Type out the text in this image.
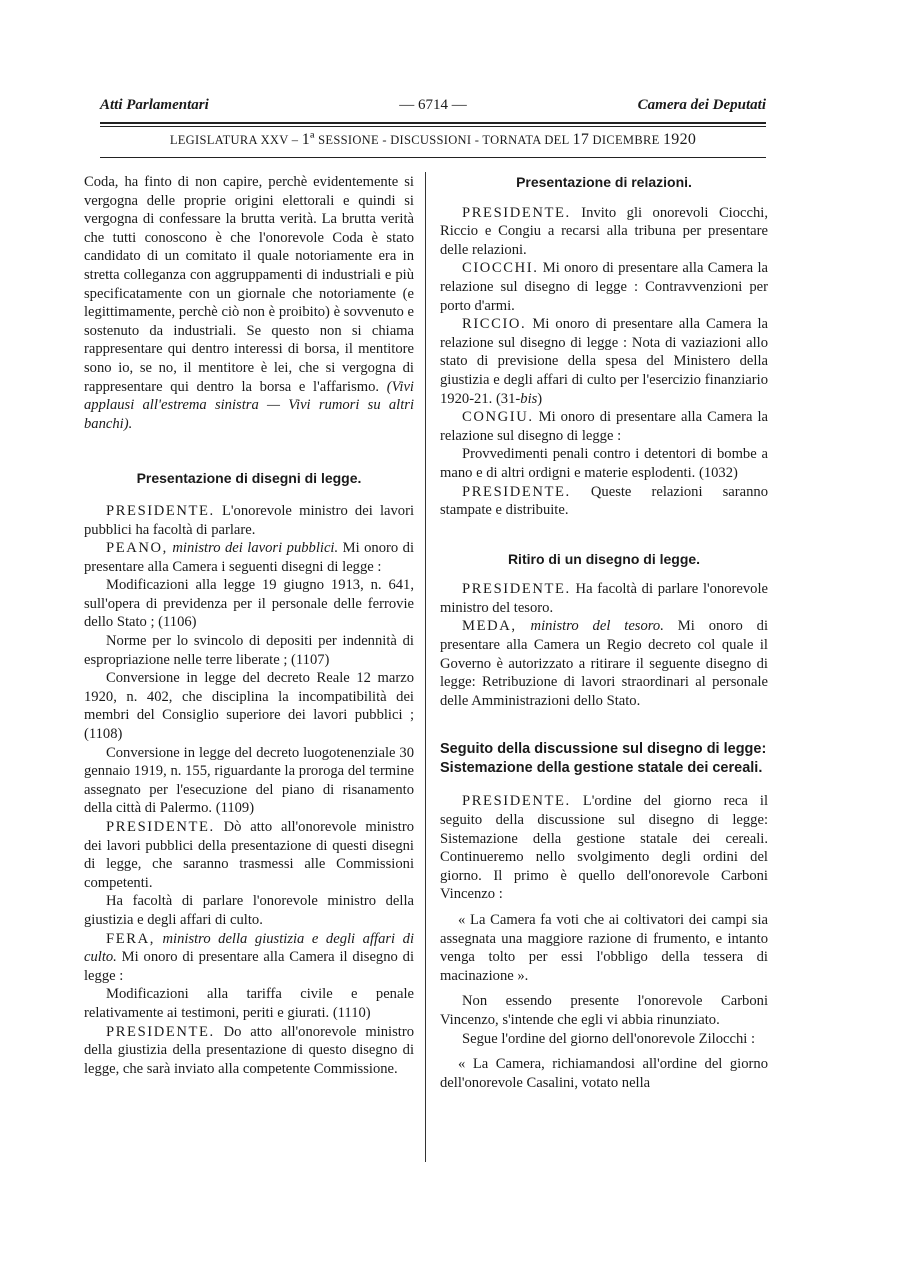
Atti Parlamentari	— 6714 —	Camera dei Deputati
LEGISLATURA XXV – 1ª SESSIONE - DISCUSSIONI - TORNATA DEL 17 DICEMBRE 1920

Coda, ha finto di non capire, perchè evidentemente si vergogna delle proprie origini elettorali e quindi si vergogna di confessare la brutta verità. La brutta verità che tutti conoscono è che l'onorevole Coda è stato candidato di un comitato il quale notoriamente era in stretta colleganza con aggruppamenti di industriali e più specificatamente con un giornale che notoriamente (e legittimamente, perchè ciò non è proibito) è sovvenuto e sostenuto da industriali. Se questo non si chiama rappresentare qui dentro interessi di borsa, il mentitore sono io, se no, il mentitore è lei, che si vergogna di rappresentare qui dentro la borsa e l'affarismo. (Vivi applausi all'estrema sinistra — Vivi rumori su altri banchi).

Presentazione di disegni di legge.

PRESIDENTE. L'onorevole ministro dei lavori pubblici ha facoltà di parlare.

PEANO, ministro dei lavori pubblici. Mi onoro di presentare alla Camera i seguenti disegni di legge :

Modificazioni alla legge 19 giugno 1913, n. 641, sull'opera di previdenza per il personale delle ferrovie dello Stato ; (1106)

Norme per lo svincolo di depositi per indennità di espropriazione nelle terre liberate ; (1107)

Conversione in legge del decreto Reale 12 marzo 1920, n. 402, che disciplina la incompatibilità dei membri del Consiglio superiore dei lavori pubblici ; (1108)

Conversione in legge del decreto luogotenenziale 30 gennaio 1919, n. 155, riguardante la proroga del termine assegnato per l'esecuzione del piano di risanamento della città di Palermo. (1109)

PRESIDENTE. Dò atto all'onorevole ministro dei lavori pubblici della presentazione di questi disegni di legge, che saranno trasmessi alle Commissioni competenti.

Ha facoltà di parlare l'onorevole ministro della giustizia e degli affari di culto.

FERA, ministro della giustizia e degli affari di culto. Mi onoro di presentare alla Camera il disegno di legge :

Modificazioni alla tariffa civile e penale relativamente ai testimoni, periti e giurati. (1110)

PRESIDENTE. Do atto all'onorevole ministro della giustizia della presentazione di questo disegno di legge, che sarà inviato alla competente Commissione.

Presentazione di relazioni.

PRESIDENTE. Invito gli onorevoli Ciocchi, Riccio e Congiu a recarsi alla tribuna per presentare delle relazioni.

CIOCCHI. Mi onoro di presentare alla Camera la relazione sul disegno di legge : Contravvenzioni per porto d'armi.

RICCIO. Mi onoro di presentare alla Camera la relazione sul disegno di legge : Nota di vaziazioni allo stato di previsione della spesa del Ministero della giustizia e degli affari di culto per l'esercizio finanziario 1920-21. (31-bis)

CONGIU. Mi onoro di presentare alla Camera la relazione sul disegno di legge :

Provvedimenti penali contro i detentori di bombe a mano e di altri ordigni e materie esplodenti. (1032)

PRESIDENTE. Queste relazioni saranno stampate e distribuite.

Ritiro di un disegno di legge.

PRESIDENTE. Ha facoltà di parlare l'onorevole ministro del tesoro.

MEDA, ministro del tesoro. Mi onoro di presentare alla Camera un Regio decreto col quale il Governo è autorizzato a ritirare il seguente disegno di legge: Retribuzione di lavori straordinari al personale delle Amministrazioni dello Stato.

Seguito della discussione sul disegno di legge: Sistemazione della gestione statale dei cereali.

PRESIDENTE. L'ordine del giorno reca il seguito della discussione sul disegno di legge: Sistemazione della gestione statale dei cereali. Continueremo nello svolgimento degli ordini del giorno. Il primo è quello dell'onorevole Carboni Vincenzo :

« La Camera fa voti che ai coltivatori dei campi sia assegnata una maggiore razione di frumento, e intanto venga tolto per essi l'obbligo della tessera di macinazione ».

Non essendo presente l'onorevole Carboni Vincenzo, s'intende che egli vi abbia rinunziato.

Segue l'ordine del giorno dell'onorevole Zilocchi :

« La Camera, richiamandosi all'ordine del giorno dell'onorevole Casalini, votato nella
